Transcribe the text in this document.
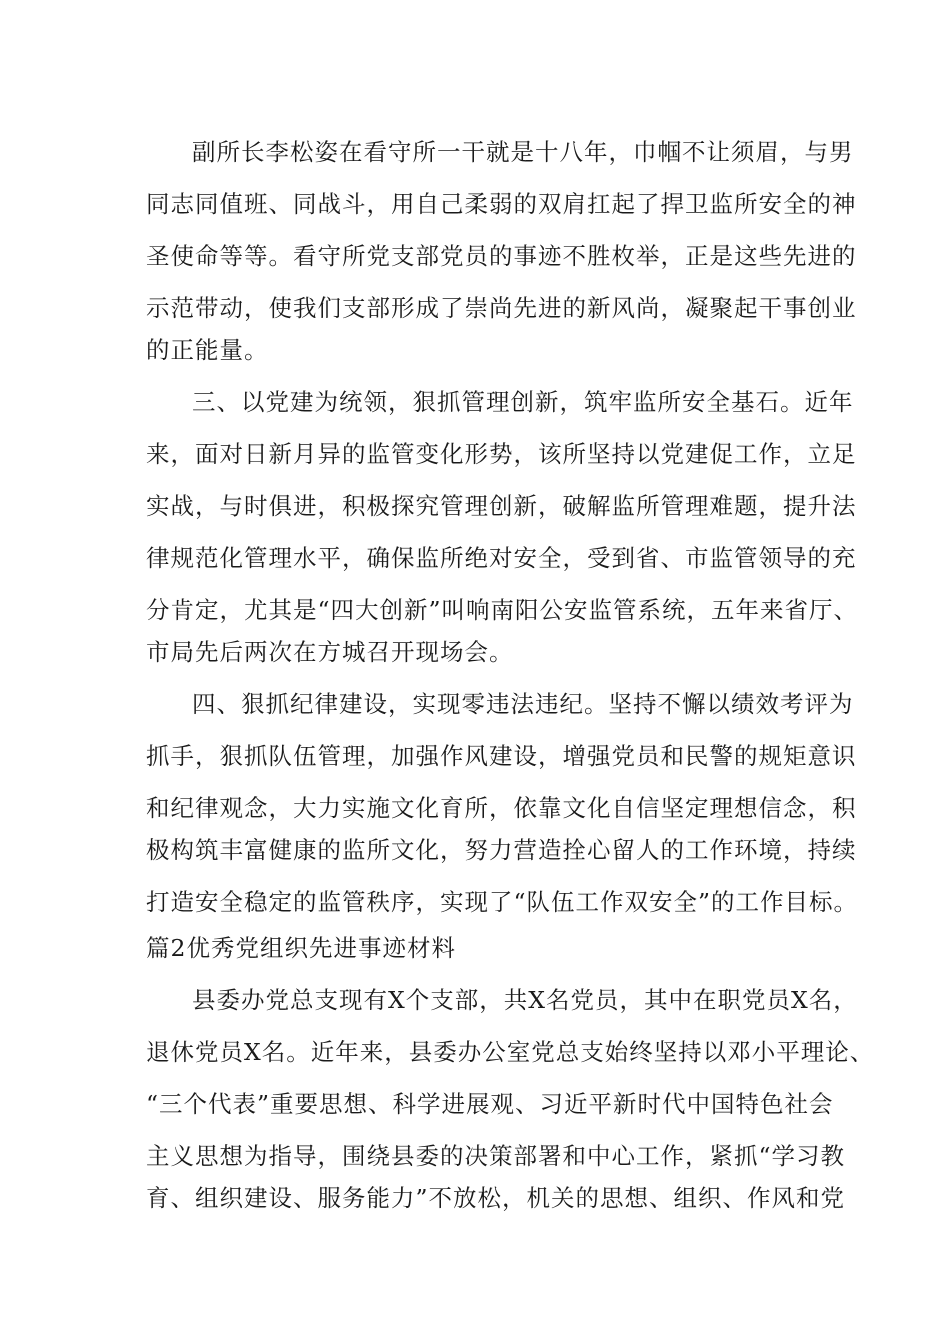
副所长李松姿在看守所一干就是十八年，巾帼不让须眉，与男
同志同值班、同战斗，用自己柔弱的双肩扛起了捍卫监所安全的神
圣使命等等。看守所党支部党员的事迹不胜枚举，正是这些先进的
示范带动，使我们支部形成了崇尚先进的新风尚，凝聚起干事创业
的正能量。
三、以党建为统领，狠抓管理创新，筑牢监所安全基石。近年
来，面对日新月异的监管变化形势，该所坚持以党建促工作，立足
实战，与时俱进，积极探究管理创新，破解监所管理难题，提升法
律规范化管理水平，确保监所绝对安全，受到省、市监管领导的充
分肯定，尤其是“四大创新”叫响南阳公安监管系统，五年来省厅、
市局先后两次在方城召开现场会。
四、狠抓纪律建设，实现零违法违纪。坚持不懈以绩效考评为
抓手，狠抓队伍管理，加强作风建设，增强党员和民警的规矩意识
和纪律观念，大力实施文化育所，依靠文化自信坚定理想信念，积
极构筑丰富健康的监所文化，努力营造拴心留人的工作环境，持续
打造安全稳定的监管秩序，实现了“队伍工作双安全”的工作目标。
篇2优秀党组织先进事迹材料
县委办党总支现有X个支部，共X名党员，其中在职党员X名，
退休党员X名。近年来，县委办公室党总支始终坚持以邓小平理论、
“三个代表”重要思想、科学进展观、习近平新时代中国特色社会
主义思想为指导，围绕县委的决策部署和中心工作，紧抓“学习教
育、组织建设、服务能力”不放松，机关的思想、组织、作风和党
